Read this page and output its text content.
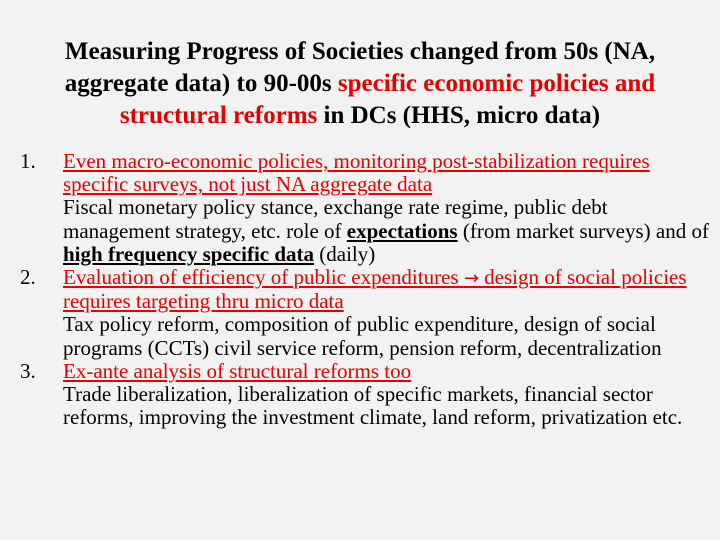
Measuring Progress of Societies changed from 50s (NA, aggregate data) to 90-00s specific economic policies and structural reforms in DCs (HHS, micro data)
1. Even macro-economic policies, monitoring post-stabilization requires specific surveys, not just NA aggregate data
Fiscal monetary policy stance, exchange rate regime, public debt management strategy, etc. role of expectations (from market surveys) and of high frequency specific data (daily)
2. Evaluation of efficiency of public expenditures → design of social policies requires targeting thru micro data
Tax policy reform, composition of public expenditure, design of social programs (CCTs) civil service reform, pension reform, decentralization
3. Ex-ante analysis of structural reforms too
Trade liberalization, liberalization of specific markets, financial sector reforms, improving the investment climate, land reform, privatization etc.
